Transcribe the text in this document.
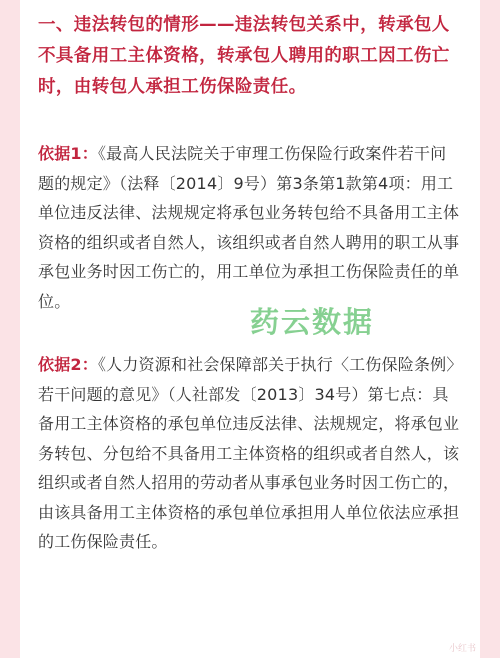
一、违法转包的情形——违法转包关系中，转承包人不具备用工主体资格，转承包人聘用的职工因工伤亡时，由转包人承担工伤保险责任。

依据1：《最高人民法院关于审理工伤保险行政案件若干问题的规定》（法释〔2014〕9号）第3条第1款第4项：用工单位违反法律、法规规定将承包业务转包给不具备用工主体资格的组织或者自然人，该组织或者自然人聘用的职工从事承包业务时因工伤亡的，用工单位为承担工伤保险责任的单位。

依据2：《人力资源和社会保障部关于执行〈工伤保险条例〉若干问题的意见》（人社部发〔2013〕34号）第七点：具备用工主体资格的承包单位违反法律、法规规定，将承包业务转包、分包给不具备用工主体资格的组织或者自然人，该组织或者自然人招用的劳动者从事承包业务时因工伤亡的，由该具备用工主体资格的承包单位承担用人单位依法应承担的工伤保险责任。

药云数据
小红书
